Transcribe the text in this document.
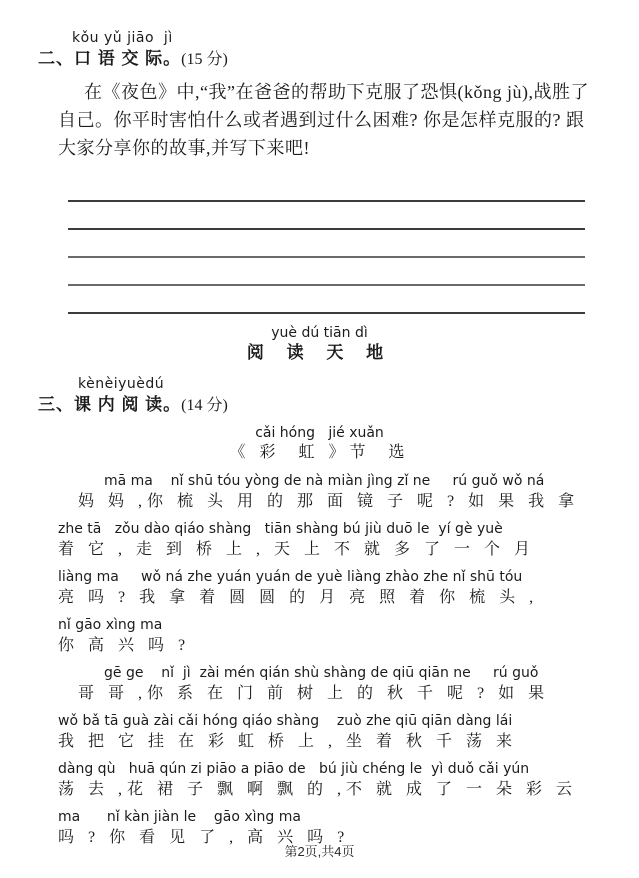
kǒu yǔ jiāo  jì
二、口 语 交 际。(15 分)
在《夜色》中,“我”在爸爸的帮助下克服了恐惧(kǒng jù),战胜了
自己。你平时害怕什么或者遇到过什么困难? 你是怎样克服的? 跟
大家分享你的故事,并写下来吧!
yuè dú tiān dì
阅 读 天 地
kènèiyuèdú
三、课 内 阅 读。(14 分)
cǎi hóng   jié xuǎn
《 彩  虹 》节  选
mā ma    nǐ shū tóu yòng de nà miàn jìng zǐ ne     rú guǒ wǒ ná
妈 妈 ,你 梳 头 用 的 那 面 镜 子 呢 ? 如 果 我 拿
zhe tā   zǒu dào qiáo shàng   tiān shàng bú jiù duō le  yí gè yuè
着 它 , 走 到 桥 上 , 天 上 不 就 多 了 一 个 月
liàng ma     wǒ ná zhe yuán yuán de yuè liàng zhào zhe nǐ shū tóu
亮 吗 ? 我 拿 着 圆 圆 的 月 亮 照 着 你 梳 头 ,
nǐ gāo xìng ma
你 高 兴 吗 ?
gē ge    nǐ  jì  zài mén qián shù shàng de qiū qiān ne     rú guǒ
哥 哥 ,你 系 在 门 前 树 上 的 秋 千 呢 ? 如 果
wǒ bǎ tā guà zài cǎi hóng qiáo shàng    zuò zhe qiū qiān dàng lái
我 把 它 挂 在 彩 虹 桥 上 , 坐 着 秋 千 荡 来
dàng qù   huā qún zi piāo a piāo de   bú jiù chéng le  yì duǒ cǎi yún
荡 去 ,花 裙 子 飘 啊 飘 的 ,不 就 成 了 一 朵 彩 云
ma      nǐ kàn jiàn le    gāo xìng ma
吗 ? 你 看 见 了 , 高 兴 吗 ?
第2页,共4页
